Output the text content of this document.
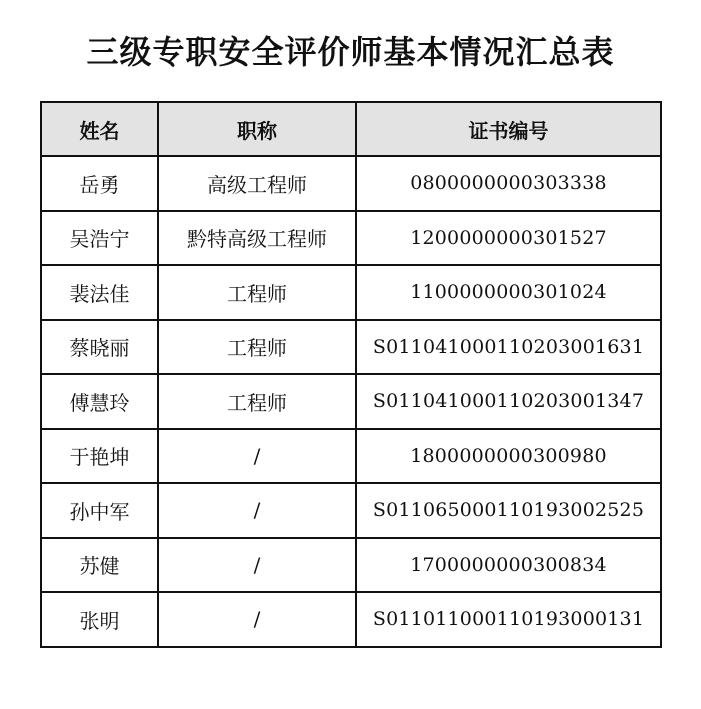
三级专职安全评价师基本情况汇总表
姓名	职称	证书编号
岳勇	高级工程师	0800000000303338
吴浩宁	黔特高级工程师	1200000000301527
裴法佳	工程师	1100000000301024
蔡晓丽	工程师	S011041000110203001631
傅慧玲	工程师	S011041000110203001347
于艳坤	/	1800000000300980
孙中军	/	S011065000110193002525
苏健	/	1700000000300834
张明	/	S011011000110193000131
